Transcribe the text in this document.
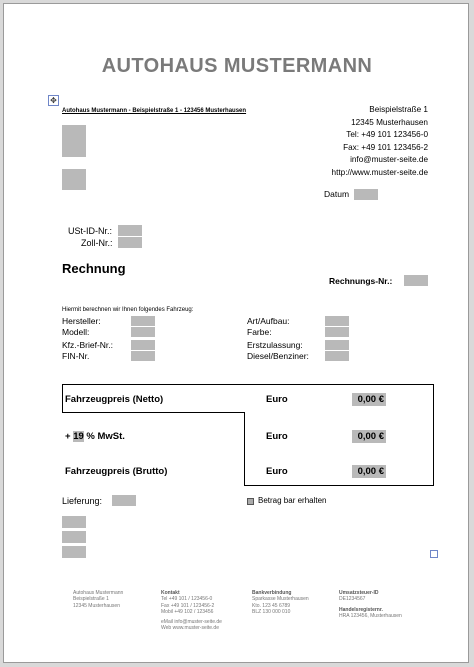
AUTOHAUS MUSTERMANN
✥
Autohaus Mustermann - Beispielstraße 1 - 123456 Musterhausen	Beispielstraße 1
12345 Musterhausen
Tel: +49 101 123456-0
Fax: +49 101 123456-2
info@muster-seite.de
http://www.muster-seite.de
Datum
USt-ID-Nr.:
Zoll-Nr.:
Rechnung
Rechnungs-Nr.:
Hiermit berechnen wir Ihnen folgendes Fahrzeug:
Hersteller:
Modell:
Kfz.-Brief-Nr.:
FIN-Nr.
Art/Aufbau:
Farbe:
Erstzulassung:
Diesel/Benziner:
Fahrzeugpreis (Netto)
+ 19 % MwSt.
Fahrzeugpreis (Brutto)
Euro
Euro
Euro
0,00 €
0,00 €
0,00 €
Lieferung:	Betrag bar erhalten
Autohaus Mustermann
Beispielstraße 1
12345 Musterhausen
Kontakt
Tel +49 101 / 123456-0
Fax +49 101 / 123456-2
Mobil +49 102 / 123456
eMail info@muster-seite.de
Web www.muster-seite.de
Bankverbindung
Sparkasse Musterhausen
Kto. 123 45 6789
BLZ 130 000 010
Umsatzsteuer-ID
DE1234567
Handelsregisternr.
HRA 123456, Musterhausen
